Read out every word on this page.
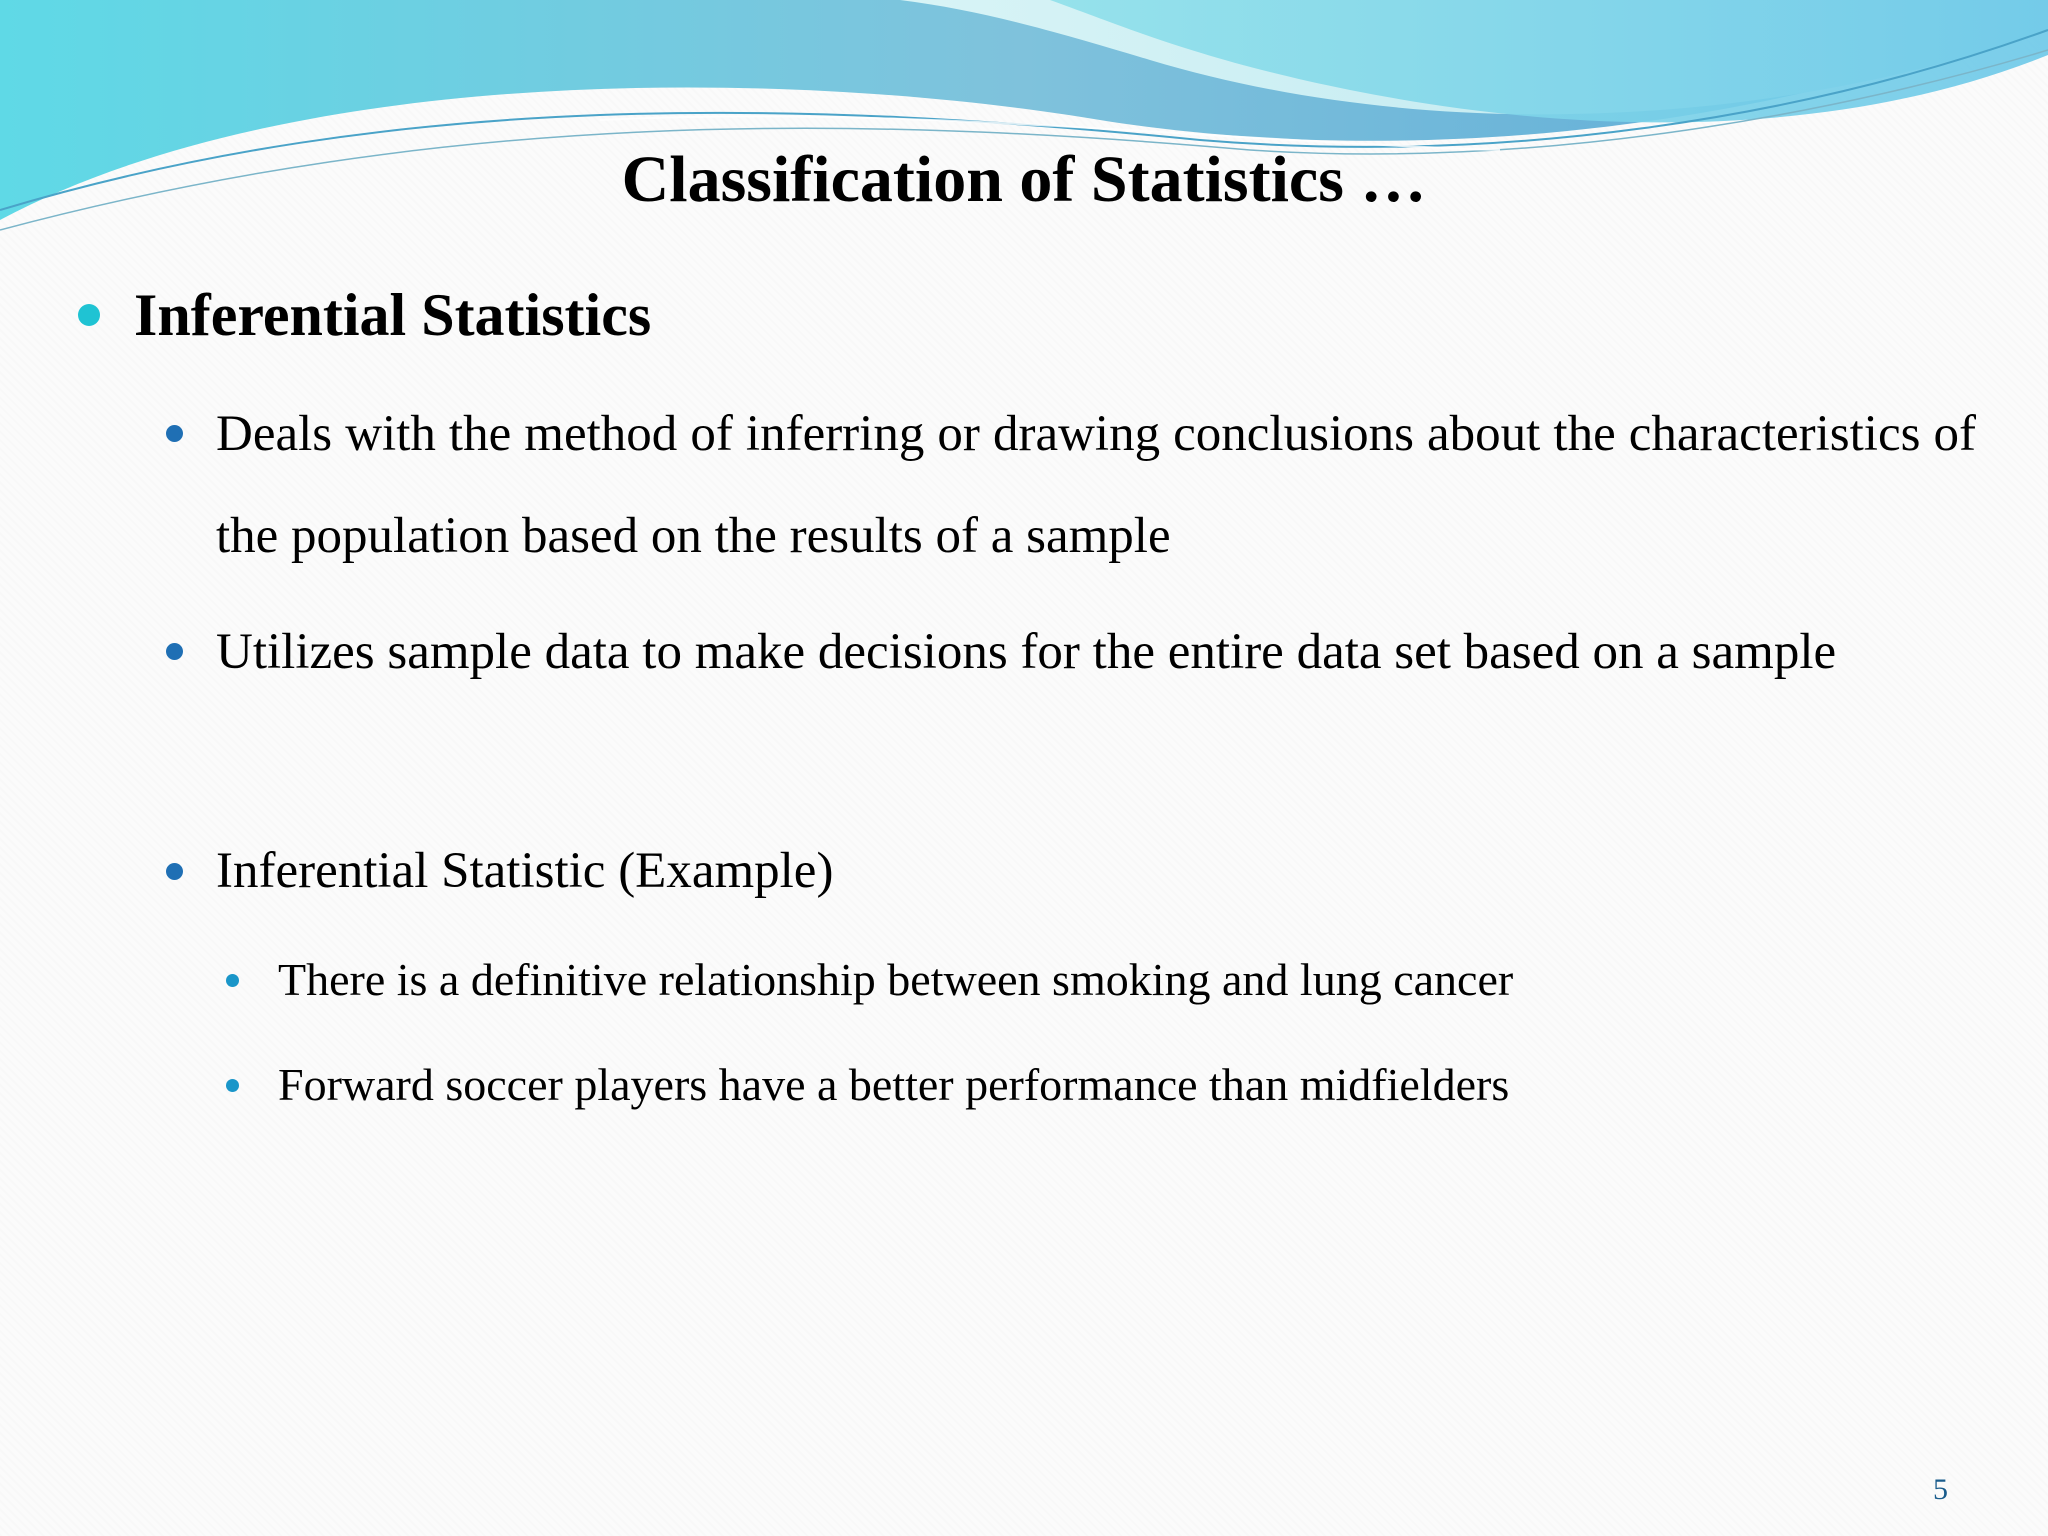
Classification of Statistics …
Inferential Statistics

Deals with the method of inferring or drawing conclusions about the characteristics of the population based on the results of a sample

Utilizes sample data to make decisions for the entire data set based on a sample

Inferential Statistic (Example)

There is a definitive relationship between smoking and lung cancer

Forward soccer players have a better performance than midfielders

5
